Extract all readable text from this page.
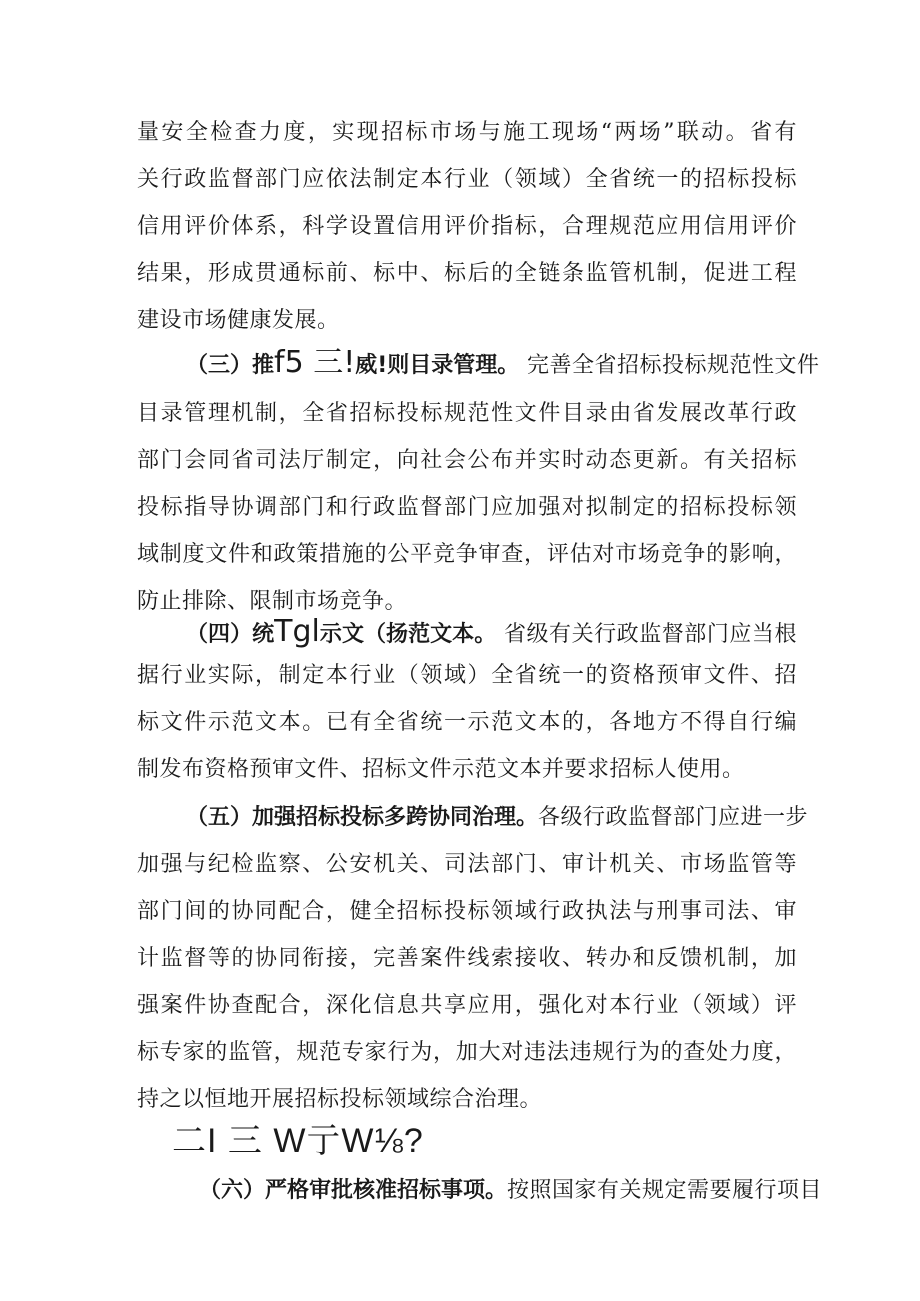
量安全检查力度，实现招标市场与施工现场“两场”联动。省有
关行政监督部门应依法制定本行业（领域）全省统一的招标投标
信用评价体系，科学设置信用评价指标，合理规范应用信用评价
结果，形成贯通标前、标中、标后的全链条监管机制，促进工程
建设市场健康发展。
（三）推f5 三!威!则目录管理。 完善全省招标投标规范性文件
目录管理机制，全省招标投标规范性文件目录由省发展改革行政
部门会同省司法厅制定，向社会公布并实时动态更新。有关招标
投标指导协调部门和行政监督部门应加强对拟制定的招标投标领
域制度文件和政策措施的公平竞争审查，评估对市场竞争的影响，
防止排除、限制市场竞争。
（四）统Tgl示文（扬范文本。 省级有关行政监督部门应当根
据行业实际，制定本行业（领域）全省统一的资格预审文件、招
标文件示范文本。已有全省统一示范文本的，各地方不得自行编
制发布资格预审文件、招标文件示范文本并要求招标人使用。
（五）加强招标投标多跨协同治理。各级行政监督部门应进一步
加强与纪检监察、公安机关、司法部门、审计机关、市场监管等
部门间的协同配合，健全招标投标领域行政执法与刑事司法、审
计监督等的协同衔接，完善案件线索接收、转办和反馈机制，加
强案件协查配合，深化信息共享应用，强化对本行业（领域）评
标专家的监管，规范专家行为，加大对违法违规行为的查处力度，
持之以恒地开展招标投标领域综合治理。
二I 三 W亍W⅛?
（六）严格审批核准招标事项。按照国家有关规定需要履行项目
